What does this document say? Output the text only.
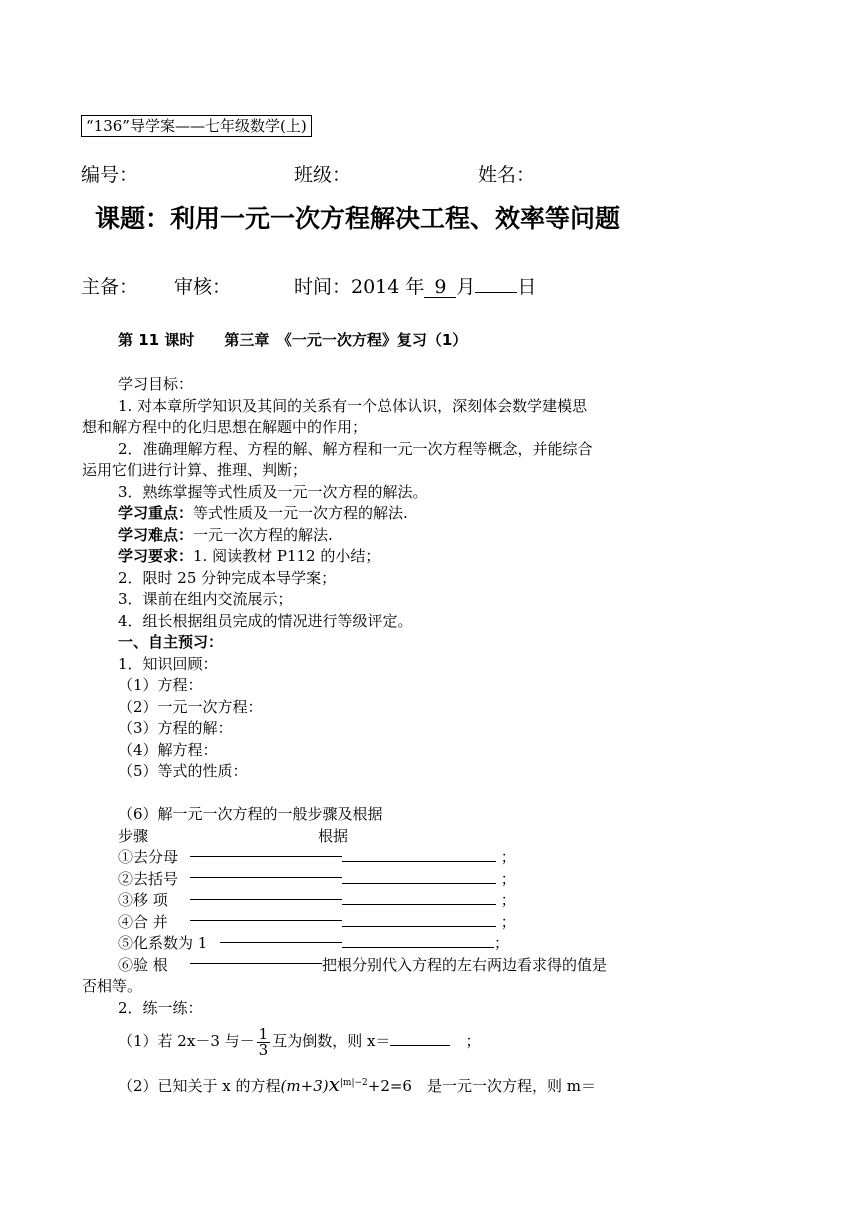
“136”导学案——七年级数学(上)
编号：	班级：	姓名：
课题：利用一元一次方程解决工程、效率等问题
主备： 审核：	时间：2014 年 9 月 日
第 11 课时　　第三章　《一元一次方程》复习（1）
学习目标：
1. 对本章所学知识及其间的关系有一个总体认识，深刻体会数学建模思
想和解方程中的化归思想在解题中的作用；
2．准确理解方程、方程的解、解方程和一元一次方程等概念，并能综合
运用它们进行计算、推理、判断；
3．熟练掌握等式性质及一元一次方程的解法。
学习重点：等式性质及一元一次方程的解法.
学习难点：一元一次方程的解法.
学习要求：1. 阅读教材 P112 的小结；
2．限时 25 分钟完成本导学案；
3．课前在组内交流展示；
4．组长根据组员完成的情况进行等级评定。
一、自主预习：
1．知识回顾：
（1）方程：
（2）一元一次方程：
（3）方程的解：
（4）解方程：
（5）等式的性质：
（6）解一元一次方程的一般步骤及根据
步骤	根据
①去分母	；
②去括号	；
③移 项	；
④合 并	；
⑤化系数为 1	；
⑥验 根	把根分别代入方程的左右两边看求得的值是
否相等。
2．练一练：
（1）若 2x－3 与－ $\frac{1}{3}$ 互为倒数，则 x＝　	；
（2）已知关于 x 的方程$(m+3)x^{|m|-2}+2=6$　 是一元一次方程，则 m＝
